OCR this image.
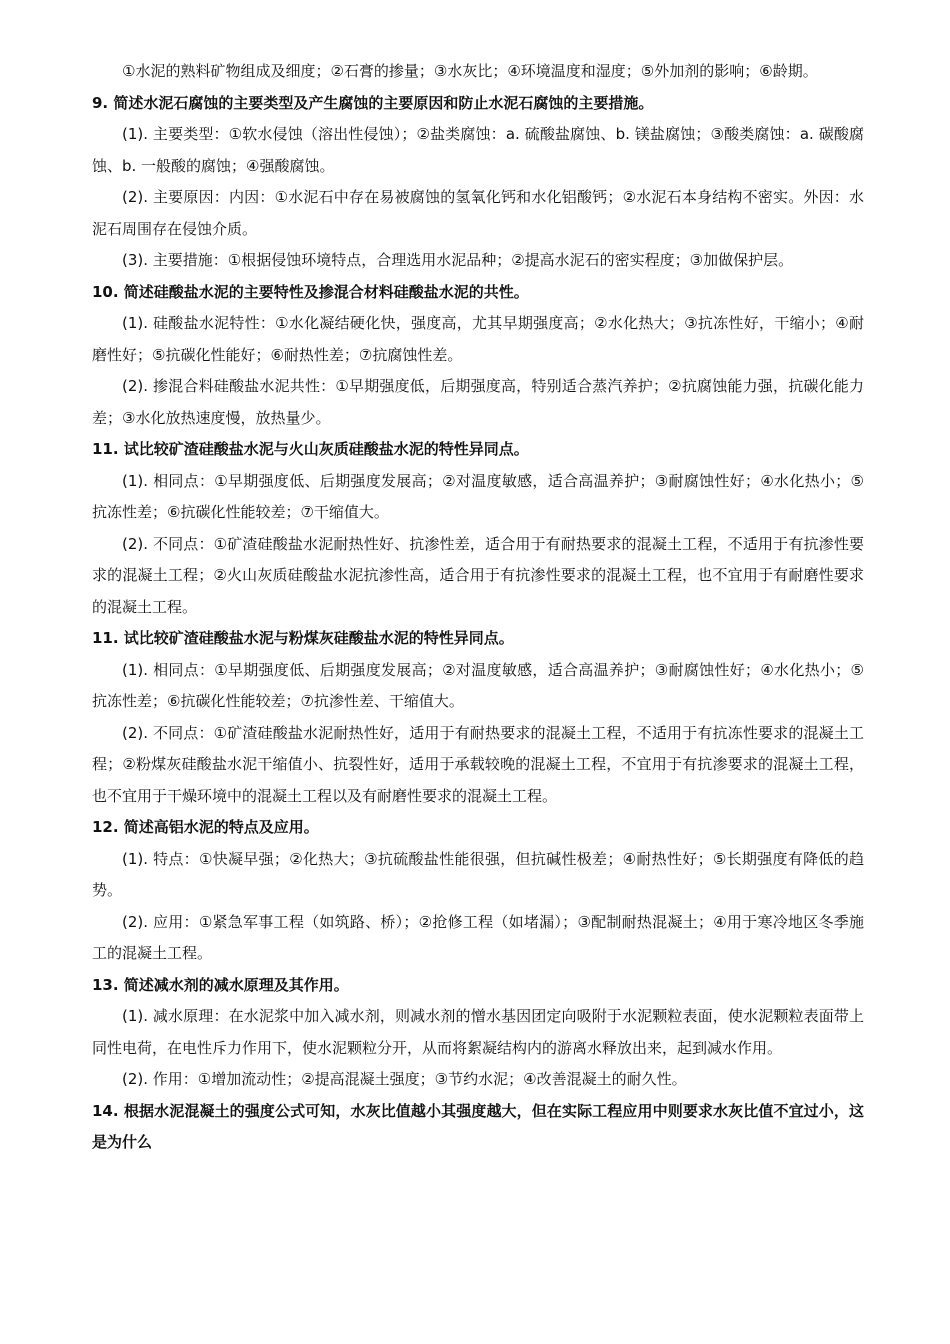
①水泥的熟料矿物组成及细度；②石膏的掺量；③水灰比；④环境温度和湿度；⑤外加剂的影响；⑥龄期。

9. 简述水泥石腐蚀的主要类型及产生腐蚀的主要原因和防止水泥石腐蚀的主要措施。

(1). 主要类型：①软水侵蚀（溶出性侵蚀）；②盐类腐蚀：a. 硫酸盐腐蚀、b. 镁盐腐蚀；③酸类腐蚀：a. 碳酸腐蚀、b. 一般酸的腐蚀；④强酸腐蚀。

(2). 主要原因：内因：①水泥石中存在易被腐蚀的氢氧化钙和水化铝酸钙；②水泥石本身结构不密实。外因：水泥石周围存在侵蚀介质。

(3). 主要措施：①根据侵蚀环境特点，合理选用水泥品种；②提高水泥石的密实程度；③加做保护层。

10. 简述硅酸盐水泥的主要特性及掺混合材料硅酸盐水泥的共性。

(1). 硅酸盐水泥特性：①水化凝结硬化快，强度高，尤其早期强度高；②水化热大；③抗冻性好，干缩小；④耐磨性好；⑤抗碳化性能好；⑥耐热性差；⑦抗腐蚀性差。

(2). 掺混合料硅酸盐水泥共性：①早期强度低，后期强度高，特别适合蒸汽养护；②抗腐蚀能力强，抗碳化能力差；③水化放热速度慢，放热量少。

11. 试比较矿渣硅酸盐水泥与火山灰质硅酸盐水泥的特性异同点。

(1). 相同点：①早期强度低、后期强度发展高；②对温度敏感，适合高温养护；③耐腐蚀性好；④水化热小；⑤抗冻性差；⑥抗碳化性能较差；⑦干缩值大。

(2). 不同点：①矿渣硅酸盐水泥耐热性好、抗渗性差，适合用于有耐热要求的混凝土工程，不适用于有抗渗性要求的混凝土工程；②火山灰质硅酸盐水泥抗渗性高，适合用于有抗渗性要求的混凝土工程，也不宜用于有耐磨性要求的混凝土工程。

11. 试比较矿渣硅酸盐水泥与粉煤灰硅酸盐水泥的特性异同点。

(1). 相同点：①早期强度低、后期强度发展高；②对温度敏感，适合高温养护；③耐腐蚀性好；④水化热小；⑤抗冻性差；⑥抗碳化性能较差；⑦抗渗性差、干缩值大。

(2). 不同点：①矿渣硅酸盐水泥耐热性好，适用于有耐热要求的混凝土工程，不适用于有抗冻性要求的混凝土工程；②粉煤灰硅酸盐水泥干缩值小、抗裂性好，适用于承载较晚的混凝土工程，不宜用于有抗渗要求的混凝土工程，也不宜用于干燥环境中的混凝土工程以及有耐磨性要求的混凝土工程。

12. 简述高铝水泥的特点及应用。

(1). 特点：①快凝早强；②化热大；③抗硫酸盐性能很强，但抗碱性极差；④耐热性好；⑤长期强度有降低的趋势。

(2). 应用：①紧急军事工程（如筑路、桥）；②抢修工程（如堵漏）；③配制耐热混凝土；④用于寒冷地区冬季施工的混凝土工程。

13. 简述减水剂的减水原理及其作用。

(1). 减水原理：在水泥浆中加入减水剂，则减水剂的憎水基因团定向吸附于水泥颗粒表面，使水泥颗粒表面带上同性电荷，在电性斥力作用下，使水泥颗粒分开，从而将絮凝结构内的游离水释放出来，起到减水作用。

(2). 作用：①增加流动性；②提高混凝土强度；③节约水泥；④改善混凝土的耐久性。

14. 根据水泥混凝土的强度公式可知，水灰比值越小其强度越大，但在实际工程应用中则要求水灰比值不宜过小，这是为什么
